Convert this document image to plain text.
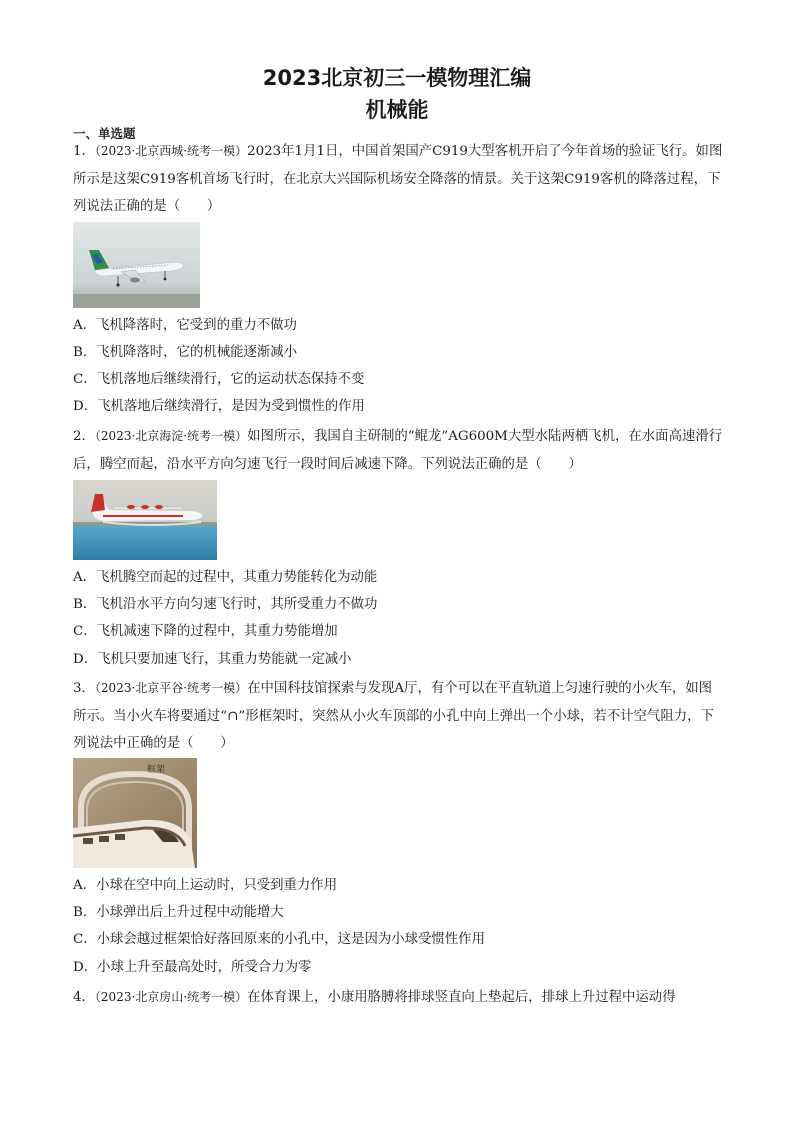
2023北京初三一模物理汇编
机械能
一、单选题
1．（2023·北京西城·统考一模）2023年1月1日，中国首架国产C919大型客机开启了今年首场的验证飞行。如图所示是这架C919客机首场飞行时，在北京大兴国际机场安全降落的情景。关于这架C919客机的降落过程，下列说法正确的是（　　）
A．飞机降落时，它受到的重力不做功
B．飞机降落时，它的机械能逐渐减小
C．飞机落地后继续滑行，它的运动状态保持不变
D．飞机落地后继续滑行，是因为受到惯性的作用
2．（2023·北京海淀·统考一模）如图所示，我国自主研制的“鲲龙”AG600M大型水陆两栖飞机，在水面高速滑行后，腾空而起，沿水平方向匀速飞行一段时间后减速下降。下列说法正确的是（　　）
A．飞机腾空而起的过程中，其重力势能转化为动能
B．飞机沿水平方向匀速飞行时，其所受重力不做功
C．飞机减速下降的过程中，其重力势能增加
D．飞机只要加速飞行，其重力势能就一定减小
3．（2023·北京平谷·统考一模）在中国科技馆探索与发现A厅，有个可以在平直轨道上匀速行驶的小火车，如图所示。当小火车将要通过“∩”形框架时，突然从小火车顶部的小孔中向上弹出一个小球，若不计空气阻力，下列说法中正确的是（　　）
框架
A．小球在空中向上运动时，只受到重力作用
B．小球弹出后上升过程中动能增大
C．小球会越过框架恰好落回原来的小孔中，这是因为小球受惯性作用
D．小球上升至最高处时，所受合力为零
4．（2023·北京房山·统考一模）在体育课上，小康用胳膊将排球竖直向上垫起后，排球上升过程中运动得
